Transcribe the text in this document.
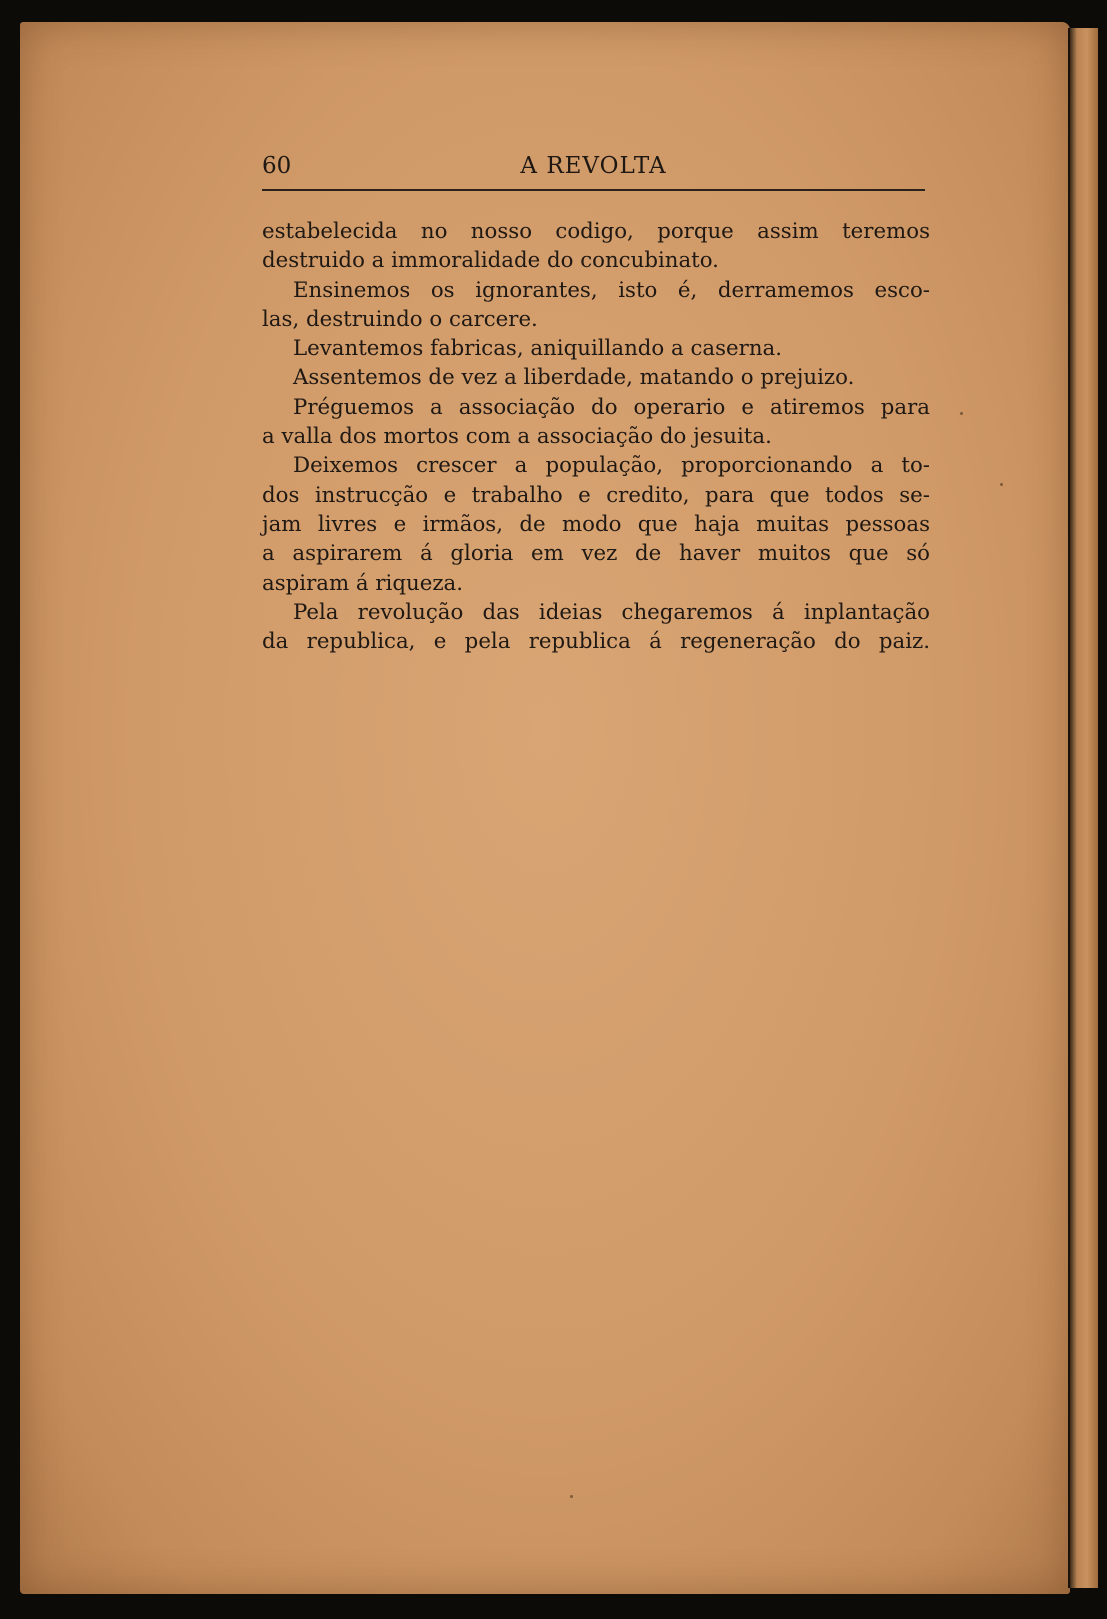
60	A REVOLTA
estabelecida no nosso codigo, porque assim teremos
destruido a immoralidade do concubinato.
Ensinemos os ignorantes, isto é, derramemos esco-
las, destruindo o carcere.
Levantemos fabricas, aniquillando a caserna.
Assentemos de vez a liberdade, matando o prejuizo.
Préguemos a associação do operario e atiremos para
a valla dos mortos com a associação do jesuita.
Deixemos crescer a população, proporcionando a to-
dos instrucção e trabalho e credito, para que todos se-
jam livres e irmãos, de modo que haja muitas pessoas
a aspirarem á gloria em vez de haver muitos que só
aspiram á riqueza.
Pela revolução das ideias chegaremos á inplantação
da republica, e pela republica á regeneração do paiz.
